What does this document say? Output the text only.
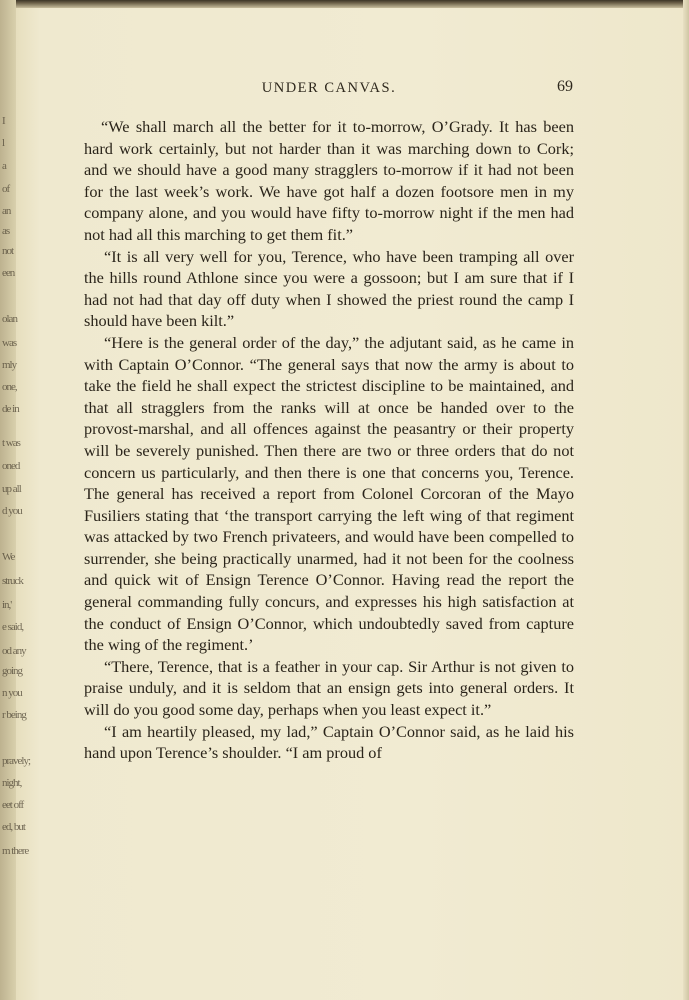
I
l
a
of
an
as
not
een
olan
was
mly
one,
de in
t was
oned
up all
d you
We
struck
in,'
e said,
od any
going
n you
r being
pravely;
night,
eet off
ed, but
m there
UNDER CANVAS.	69

“We shall march all the better for it to-morrow, O’Grady. It has been hard work certainly, but not harder than it was marching down to Cork; and we should have a good many stragglers to-morrow if it had not been for the last week’s work. We have got half a dozen footsore men in my company alone, and you would have fifty to-morrow night if the men had not had all this marching to get them fit.”

“It is all very well for you, Terence, who have been tramping all over the hills round Athlone since you were a gossoon; but I am sure that if I had not had that day off duty when I showed the priest round the camp I should have been kilt.”

“Here is the general order of the day,” the adjutant said, as he came in with Captain O’Connor. “The general says that now the army is about to take the field he shall expect the strictest discipline to be maintained, and that all stragglers from the ranks will at once be handed over to the provost-marshal, and all offences against the peasantry or their property will be severely punished. Then there are two or three orders that do not concern us particularly, and then there is one that concerns you, Terence. The general has received a report from Colonel Corcoran of the Mayo Fusiliers stating that ‘the transport carrying the left wing of that regiment was attacked by two French privateers, and would have been compelled to surrender, she being practically unarmed, had it not been for the coolness and quick wit of Ensign Terence O’Connor. Having read the report the general commanding fully concurs, and expresses his high satisfaction at the conduct of Ensign O’Connor, which undoubtedly saved from capture the wing of the regiment.’

“There, Terence, that is a feather in your cap. Sir Arthur is not given to praise unduly, and it is seldom that an ensign gets into general orders. It will do you good some day, perhaps when you least expect it.”

“I am heartily pleased, my lad,” Captain O’Connor said, as he laid his hand upon Terence’s shoulder. “I am proud of
